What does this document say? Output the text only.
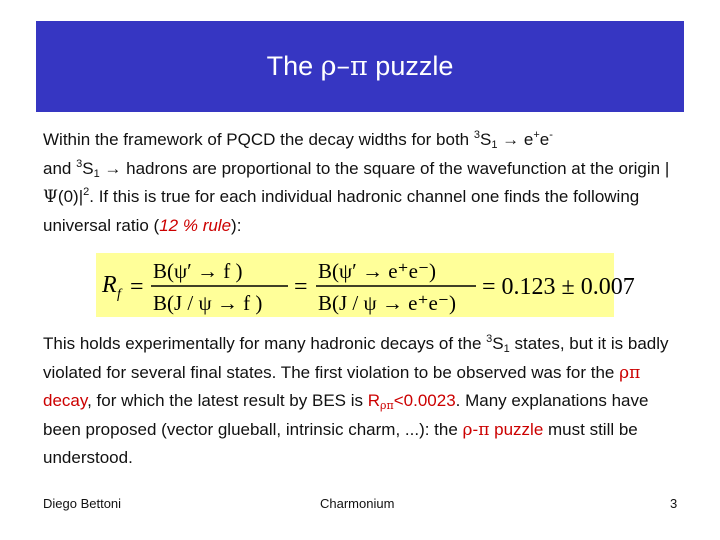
The ρ–π puzzle
Within the framework of PQCD the decay widths for both $^3S_1 \to e^+e^-$
and $^3S_1$ → hadrons are proportional to the square of the wavefunction at the origin $|\Psi(0)|^2$. If this is true for each individual hadronic channel one finds the following universal ratio (12 % rule):
R f =
B(ψ′ → f )
B(J / ψ → f )
=
B(ψ′ → e⁺e⁻)
B(J / ψ → e⁺e⁻)
= 0.123 ± 0.007
This holds experimentally for many hadronic decays of the $^3S_1$ states, but it is badly violated for several final states. The first violation to be observed was for the ρπ decay, for which the latest result by BES is $R_{\rho\pi}<0.0023$. Many explanations have been proposed (vector glueball, intrinsic charm, ...): the ρ-π puzzle must still be understood.
Diego Bettoni	Charmonium	3
